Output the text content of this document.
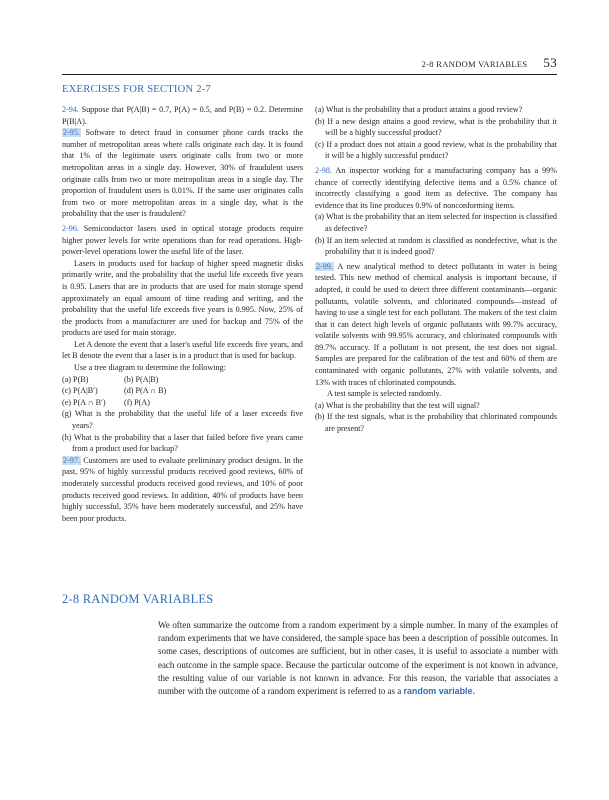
2-8 RANDOM VARIABLES 53
EXERCISES FOR SECTION 2-7

2-94. Suppose that P(A|B) = 0.7, P(A) = 0.5, and P(B) = 0.2. Determine P(B|A).

2-95. Software to detect fraud in consumer phone cards tracks the number of metropolitan areas where calls originate each day. It is found that 1% of the legitimate users originate calls from two or more metropolitan areas in a single day. However, 30% of fraudulent users originate calls from two or more metropolitan areas in a single day. The proportion of fraudulent users is 0.01%. If the same user originates calls from two or more metropolitan areas in a single day, what is the probability that the user is fraudulent?

2-96. Semiconductor lasers used in optical storage products require higher power levels for write operations than for read operations. High-power-level operations lower the useful life of the laser.

Lasers in products used for backup of higher speed magnetic disks primarily write, and the probability that the useful life exceeds five years is 0.95. Lasers that are in products that are used for main storage spend approximately an equal amount of time reading and writing, and the probability that the useful life exceeds five years is 0.995. Now, 25% of the products from a manufacturer are used for backup and 75% of the products are used for main storage.

Let A denote the event that a laser's useful life exceeds five years, and let B denote the event that a laser is in a product that is used for backup.

Use a tree diagram to determine the following:

(a) P(B)	(b) P(A|B)
(c) P(A|B′)	(d) P(A ∩ B)
(e) P(A ∩ B′)	(f) P(A)

(g) What is the probability that the useful life of a laser exceeds five years?

(h) What is the probability that a laser that failed before five years came from a product used for backup?

2-97. Customers are used to evaluate preliminary product designs. In the past, 95% of highly successful products received good reviews, 60% of moderately successful products received good reviews, and 10% of poor products received good reviews. In addition, 40% of products have been highly successful, 35% have been moderately successful, and 25% have been poor products.

(a) What is the probability that a product attains a good review?

(b) If a new design attains a good review, what is the probability that it will be a highly successful product?

(c) If a product does not attain a good review, what is the probability that it will be a highly successful product?

2-98. An inspector working for a manufacturing company has a 99% chance of correctly identifying defective items and a 0.5% chance of incorrectly classifying a good item as defective. The company has evidence that its line produces 0.9% of nonconforming items.

(a) What is the probability that an item selected for inspection is classified as defective?

(b) If an item selected at random is classified as nondefective, what is the probability that it is indeed good?

2-99. A new analytical method to detect pollutants in water is being tested. This new method of chemical analysis is important because, if adopted, it could be used to detect three different contaminants—organic pollutants, volatile solvents, and chlorinated compounds—instead of having to use a single test for each pollutant. The makers of the test claim that it can detect high levels of organic pollutants with 99.7% accuracy, volatile solvents with 99.95% accuracy, and chlorinated compounds with 89.7% accuracy. If a pollutant is not present, the test does not signal. Samples are prepared for the calibration of the test and 60% of them are contaminated with organic pollutants, 27% with volatile solvents, and 13% with traces of chlorinated compounds.

A test sample is selected randomly.

(a) What is the probability that the test will signal?

(b) If the test signals, what is the probability that chlorinated compounds are present?

2-8 RANDOM VARIABLES
We often summarize the outcome from a random experiment by a simple number. In many of the examples of random experiments that we have considered, the sample space has been a description of possible outcomes. In some cases, descriptions of outcomes are sufficient, but in other cases, it is useful to associate a number with each outcome in the sample space. Because the particular outcome of the experiment is not known in advance, the resulting value of our variable is not known in advance. For this reason, the variable that associates a number with the outcome of a random experiment is referred to as a random variable.
